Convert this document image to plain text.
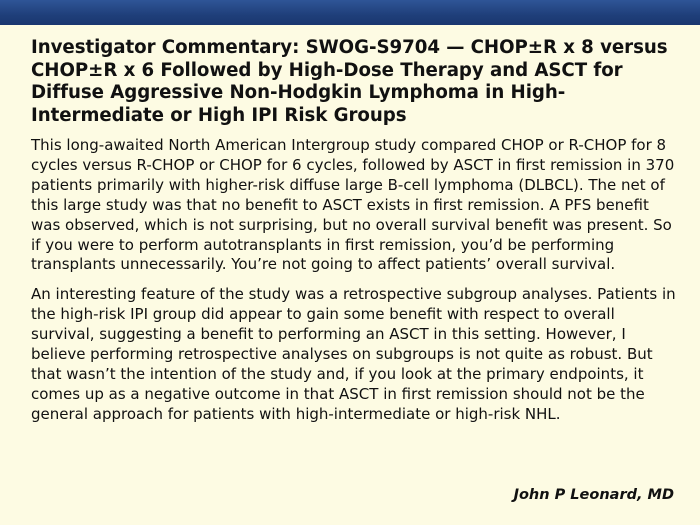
Investigator Commentary: SWOG-S9704 — CHOP±R x 8 versus CHOP±R x 6 Followed by High-Dose Therapy and ASCT for Diffuse Aggressive Non-Hodgkin Lymphoma in High-Intermediate or High IPI Risk Groups

This long-awaited North American Intergroup study compared CHOP or R-CHOP for 8 cycles versus R-CHOP or CHOP for 6 cycles, followed by ASCT in first remission in 370 patients primarily with higher-risk diffuse large B-cell lymphoma (DLBCL). The net of this large study was that no benefit to ASCT exists in first remission. A PFS benefit was observed, which is not surprising, but no overall survival benefit was present. So if you were to perform autotransplants in first remission, you’d be performing transplants unnecessarily. You’re not going to affect patients’ overall survival.

An interesting feature of the study was a retrospective subgroup analyses. Patients in the high-risk IPI group did appear to gain some benefit with respect to overall survival, suggesting a benefit to performing an ASCT in this setting. However, I believe performing retrospective analyses on subgroups is not quite as robust. But that wasn’t the intention of the study and, if you look at the primary endpoints, it comes up as a negative outcome in that ASCT in first remission should not be the general approach for patients with high-intermediate or high-risk NHL.

John P Leonard, MD
